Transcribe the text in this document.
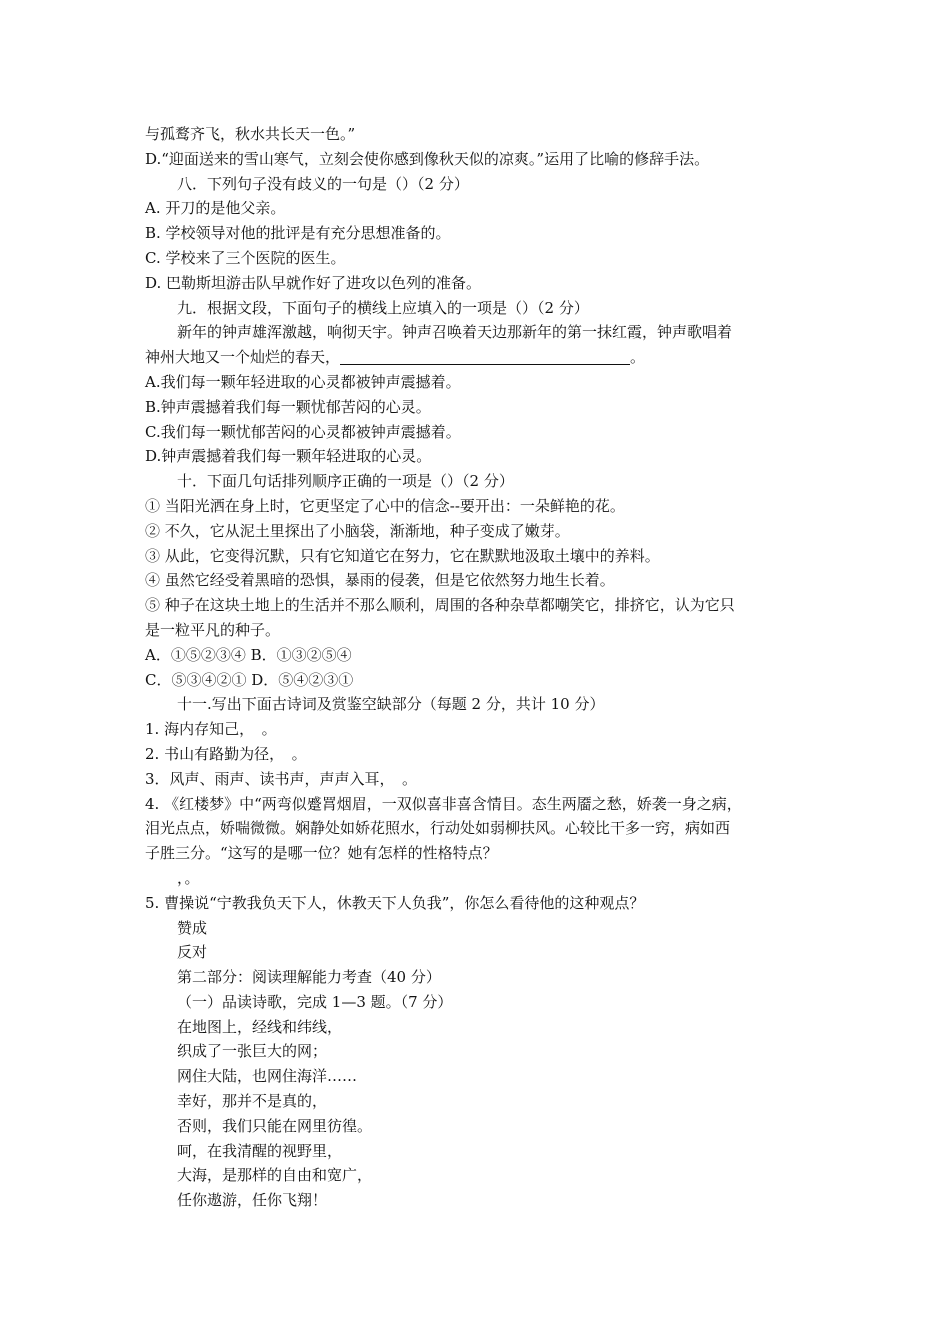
与孤鹜齐飞，秋水共长天一色。”
D.“迎面送来的雪山寒气，立刻会使你感到像秋天似的凉爽。”运用了比喻的修辞手法。
八．下列句子没有歧义的一句是（）（2 分）
A. 开刀的是他父亲。
B. 学校领导对他的批评是有充分思想准备的。
C. 学校来了三个医院的医生。
D. 巴勒斯坦游击队早就作好了进攻以色列的准备。
九．根据文段，下面句子的横线上应填入的一项是（）（2 分）
新年的钟声雄浑激越，响彻天宇。钟声召唤着天边那新年的第一抹红霞，钟声歌唱着
神州大地又一个灿烂的春天，	。
A.我们每一颗年轻进取的心灵都被钟声震撼着。
B.钟声震撼着我们每一颗忧郁苦闷的心灵。
C.我们每一颗忧郁苦闷的心灵都被钟声震撼着。
D.钟声震撼着我们每一颗年轻进取的心灵。
十．下面几句话排列顺序正确的一项是（）（2 分）
① 当阳光洒在身上时，它更坚定了心中的信念--要开出：一朵鲜艳的花。
② 不久，它从泥土里探出了小脑袋，渐渐地，种子变成了嫩芽。
③ 从此，它变得沉默，只有它知道它在努力，它在默默地汲取土壤中的养料。
④ 虽然它经受着黑暗的恐惧，暴雨的侵袭，但是它依然努力地生长着。
⑤ 种子在这块土地上的生活并不那么顺利，周围的各种杂草都嘲笑它，排挤它，认为它只
是一粒平凡的种子。
A．①⑤②③④ B．①③②⑤④
C．⑤③④②① D．⑤④②③①
十一.写出下面古诗词及赏鉴空缺部分（每题 2 分，共计 10 分）
1. 海内存知己，　。
2. 书山有路勤为径，　。
3．风声、雨声、读书声，声声入耳，　。
4. 《红楼梦》中“两弯似蹙罥烟眉，一双似喜非喜含情目。态生两靥之愁，娇袭一身之病，
泪光点点，娇喘微微。娴静处如娇花照水，行动处如弱柳扶风。心较比干多一窍，病如西
子胜三分。“这写的是哪一位？她有怎样的性格特点？
，。
5. 曹操说“宁教我负天下人，休教天下人负我”，你怎么看待他的这种观点？
赞成
反对
第二部分：阅读理解能力考查（40 分）
（一）品读诗歌，完成 1—3 题。（7 分）
在地图上，经线和纬线，
织成了一张巨大的网；
网住大陆，也网住海洋……
幸好，那并不是真的，
否则，我们只能在网里彷徨。
呵，在我清醒的视野里，
大海，是那样的自由和宽广，
任你遨游，任你飞翔！
